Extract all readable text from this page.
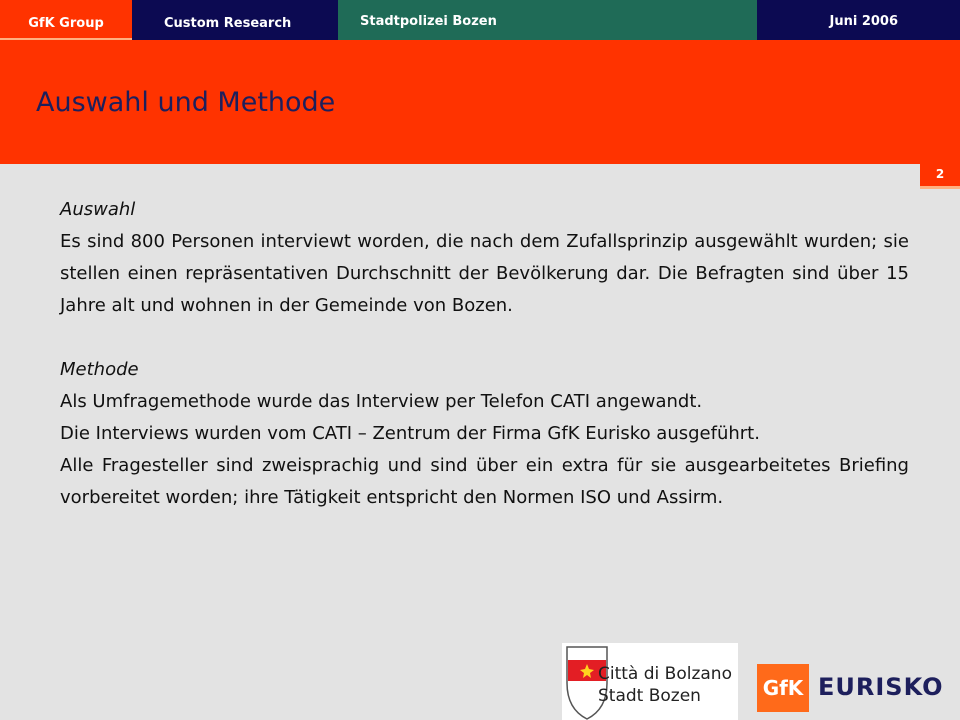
GfK Group	Custom Research	Stadtpolizei Bozen	Juni 2006
Auswahl und Methode
2

Auswahl

Es sind 800 Personen interviewt worden, die nach dem Zufallsprinzip ausgewählt wurden; sie stellen einen repräsentativen Durchschnitt der Bevölkerung dar. Die Befragten sind über 15 Jahre alt und wohnen in der Gemeinde von Bozen.

Methode

Als Umfragemethode wurde das Interview per Telefon CATI angewandt.

Die Interviews wurden vom CATI – Zentrum der Firma GfK Eurisko ausgeführt.

Alle Fragesteller sind zweisprachig und sind über ein extra für sie ausgearbeitetes Briefing vorbereitet worden; ihre Tätigkeit entspricht den Normen ISO und Assirm.

Città di Bolzano
Stadt Bozen	GfK EURISKO
